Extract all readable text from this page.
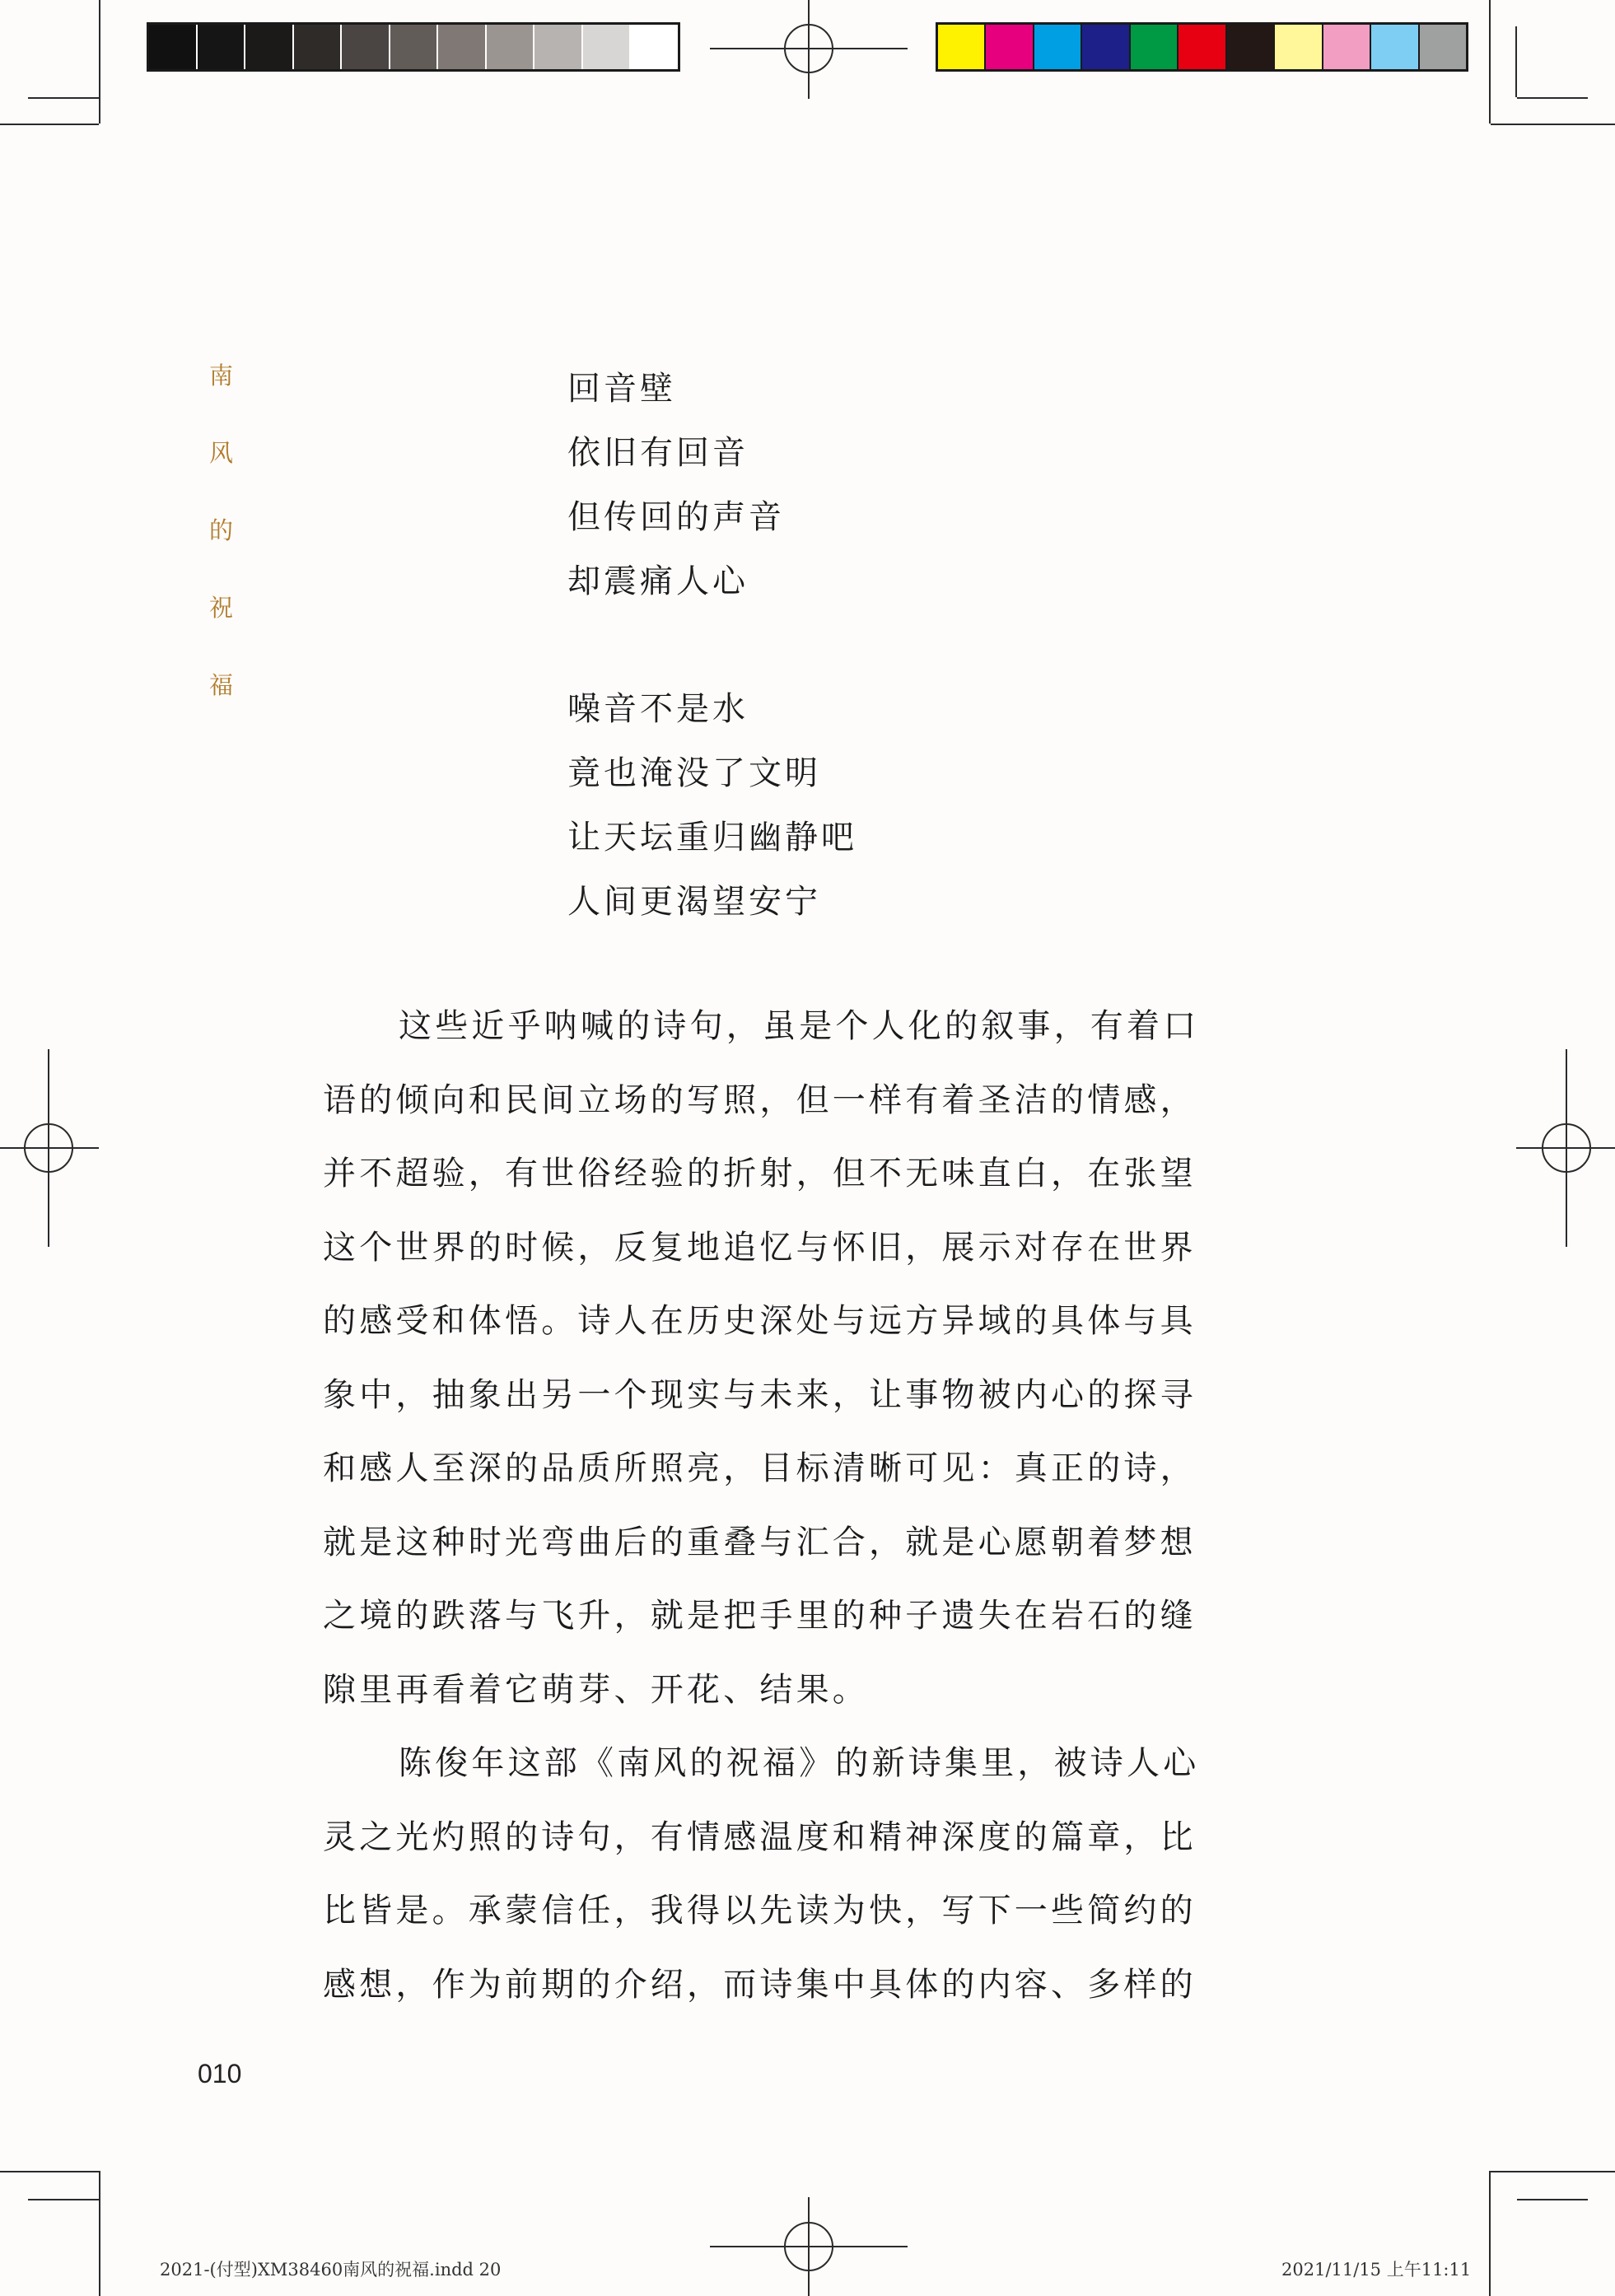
南
风
的
祝
福
回音壁
依旧有回音
但传回的声音
却震痛人心
噪音不是水
竟也淹没了文明
让天坛重归幽静吧
人间更渴望安宁
这些近乎呐喊的诗句，虽是个人化的叙事，有着口
语的倾向和民间立场的写照，但一样有着圣洁的情感，
并不超验，有世俗经验的折射，但不无味直白，在张望
这个世界的时候，反复地追忆与怀旧，展示对存在世界
的感受和体悟。诗人在历史深处与远方异域的具体与具
象中，抽象出另一个现实与未来，让事物被内心的探寻
和感人至深的品质所照亮，目标清晰可见：真正的诗，
就是这种时光弯曲后的重叠与汇合，就是心愿朝着梦想
之境的跌落与飞升，就是把手里的种子遗失在岩石的缝
隙里再看着它萌芽、开花、结果。
陈俊年这部《南风的祝福》的新诗集里，被诗人心
灵之光灼照的诗句，有情感温度和精神深度的篇章，比
比皆是。承蒙信任，我得以先读为快，写下一些简约的
感想，作为前期的介绍，而诗集中具体的内容、多样的
010
2021-(付型)XM38460南风的祝福.indd 20	2021/11/15 上午11:11
